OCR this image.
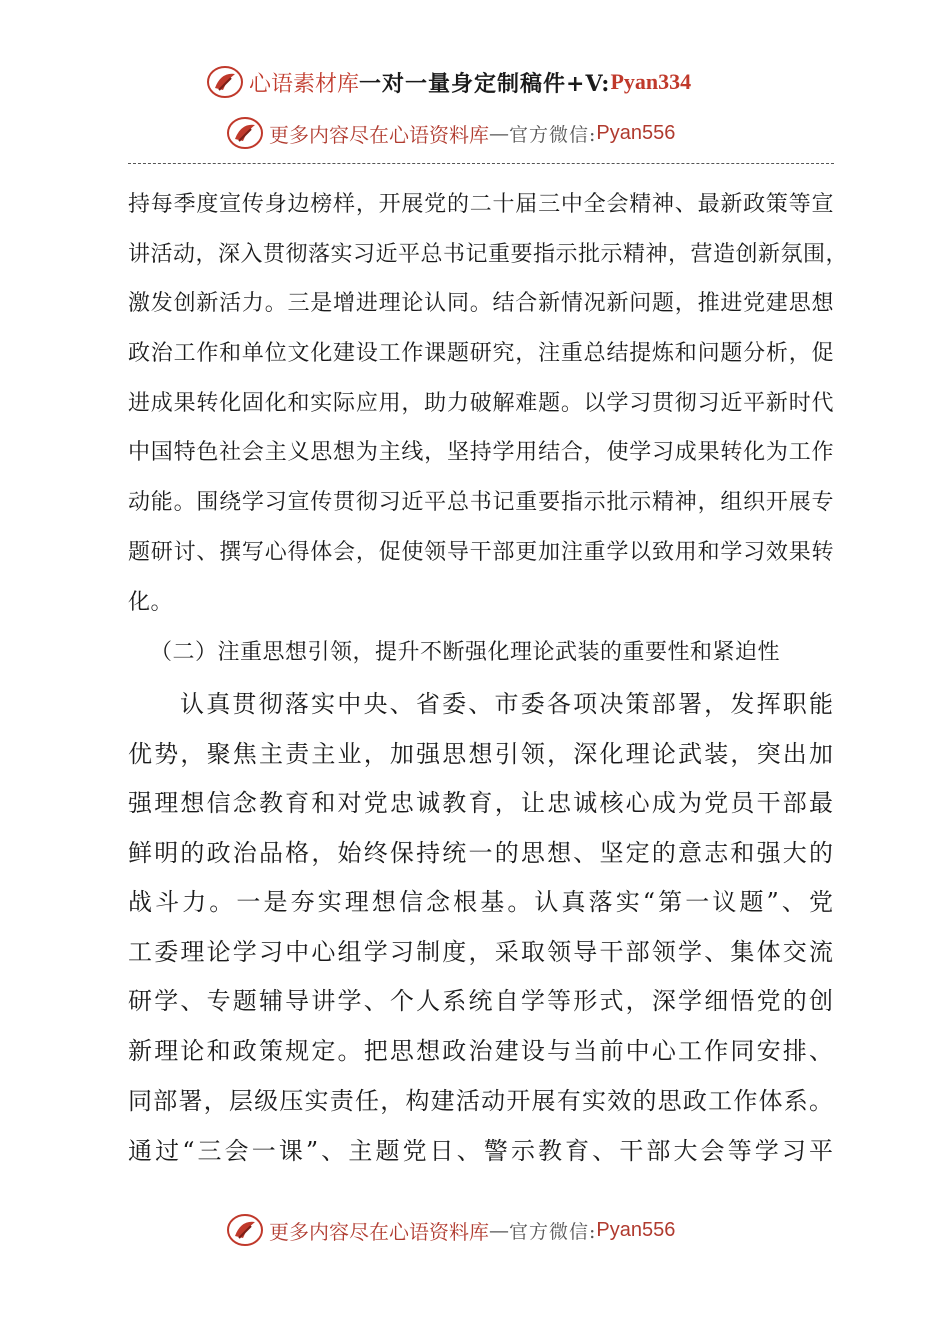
心语素材库 一对一量身定制稿件+V: Pyan334
更多内容尽在心语资料库 — 官方微信: Pyan556
持每季度宣传身边榜样，开展党的二十届三中全会精神、最新政策等宣
讲活动，深入贯彻落实习近平总书记重要指示批示精神，营造创新氛围，
激发创新活力。三是增进理论认同。结合新情况新问题，推进党建思想
政治工作和单位文化建设工作课题研究，注重总结提炼和问题分析，促
进成果转化固化和实际应用，助力破解难题。以学习贯彻习近平新时代
中国特色社会主义思想为主线，坚持学用结合，使学习成果转化为工作
动能。围绕学习宣传贯彻习近平总书记重要指示批示精神，组织开展专
题研讨、撰写心得体会，促使领导干部更加注重学以致用和学习效果转
化。
（二）注重思想引领，提升不断强化理论武装的重要性和紧迫性
认真贯彻落实中央、省委、市委各项决策部署，发挥职能
优势，聚焦主责主业，加强思想引领，深化理论武装，突出加
强理想信念教育和对党忠诚教育，让忠诚核心成为党员干部最
鲜明的政治品格，始终保持统一的思想、坚定的意志和强大的
战斗力。一是夯实理想信念根基。认真落实“第一议题”、党
工委理论学习中心组学习制度，采取领导干部领学、集体交流
研学、专题辅导讲学、个人系统自学等形式，深学细悟党的创
新理论和政策规定。把思想政治建设与当前中心工作同安排、
同部署，层级压实责任，构建活动开展有实效的思政工作体系。
通过“三会一课”、主题党日、警示教育、干部大会等学习平
更多内容尽在心语资料库 — 官方微信: Pyan556
